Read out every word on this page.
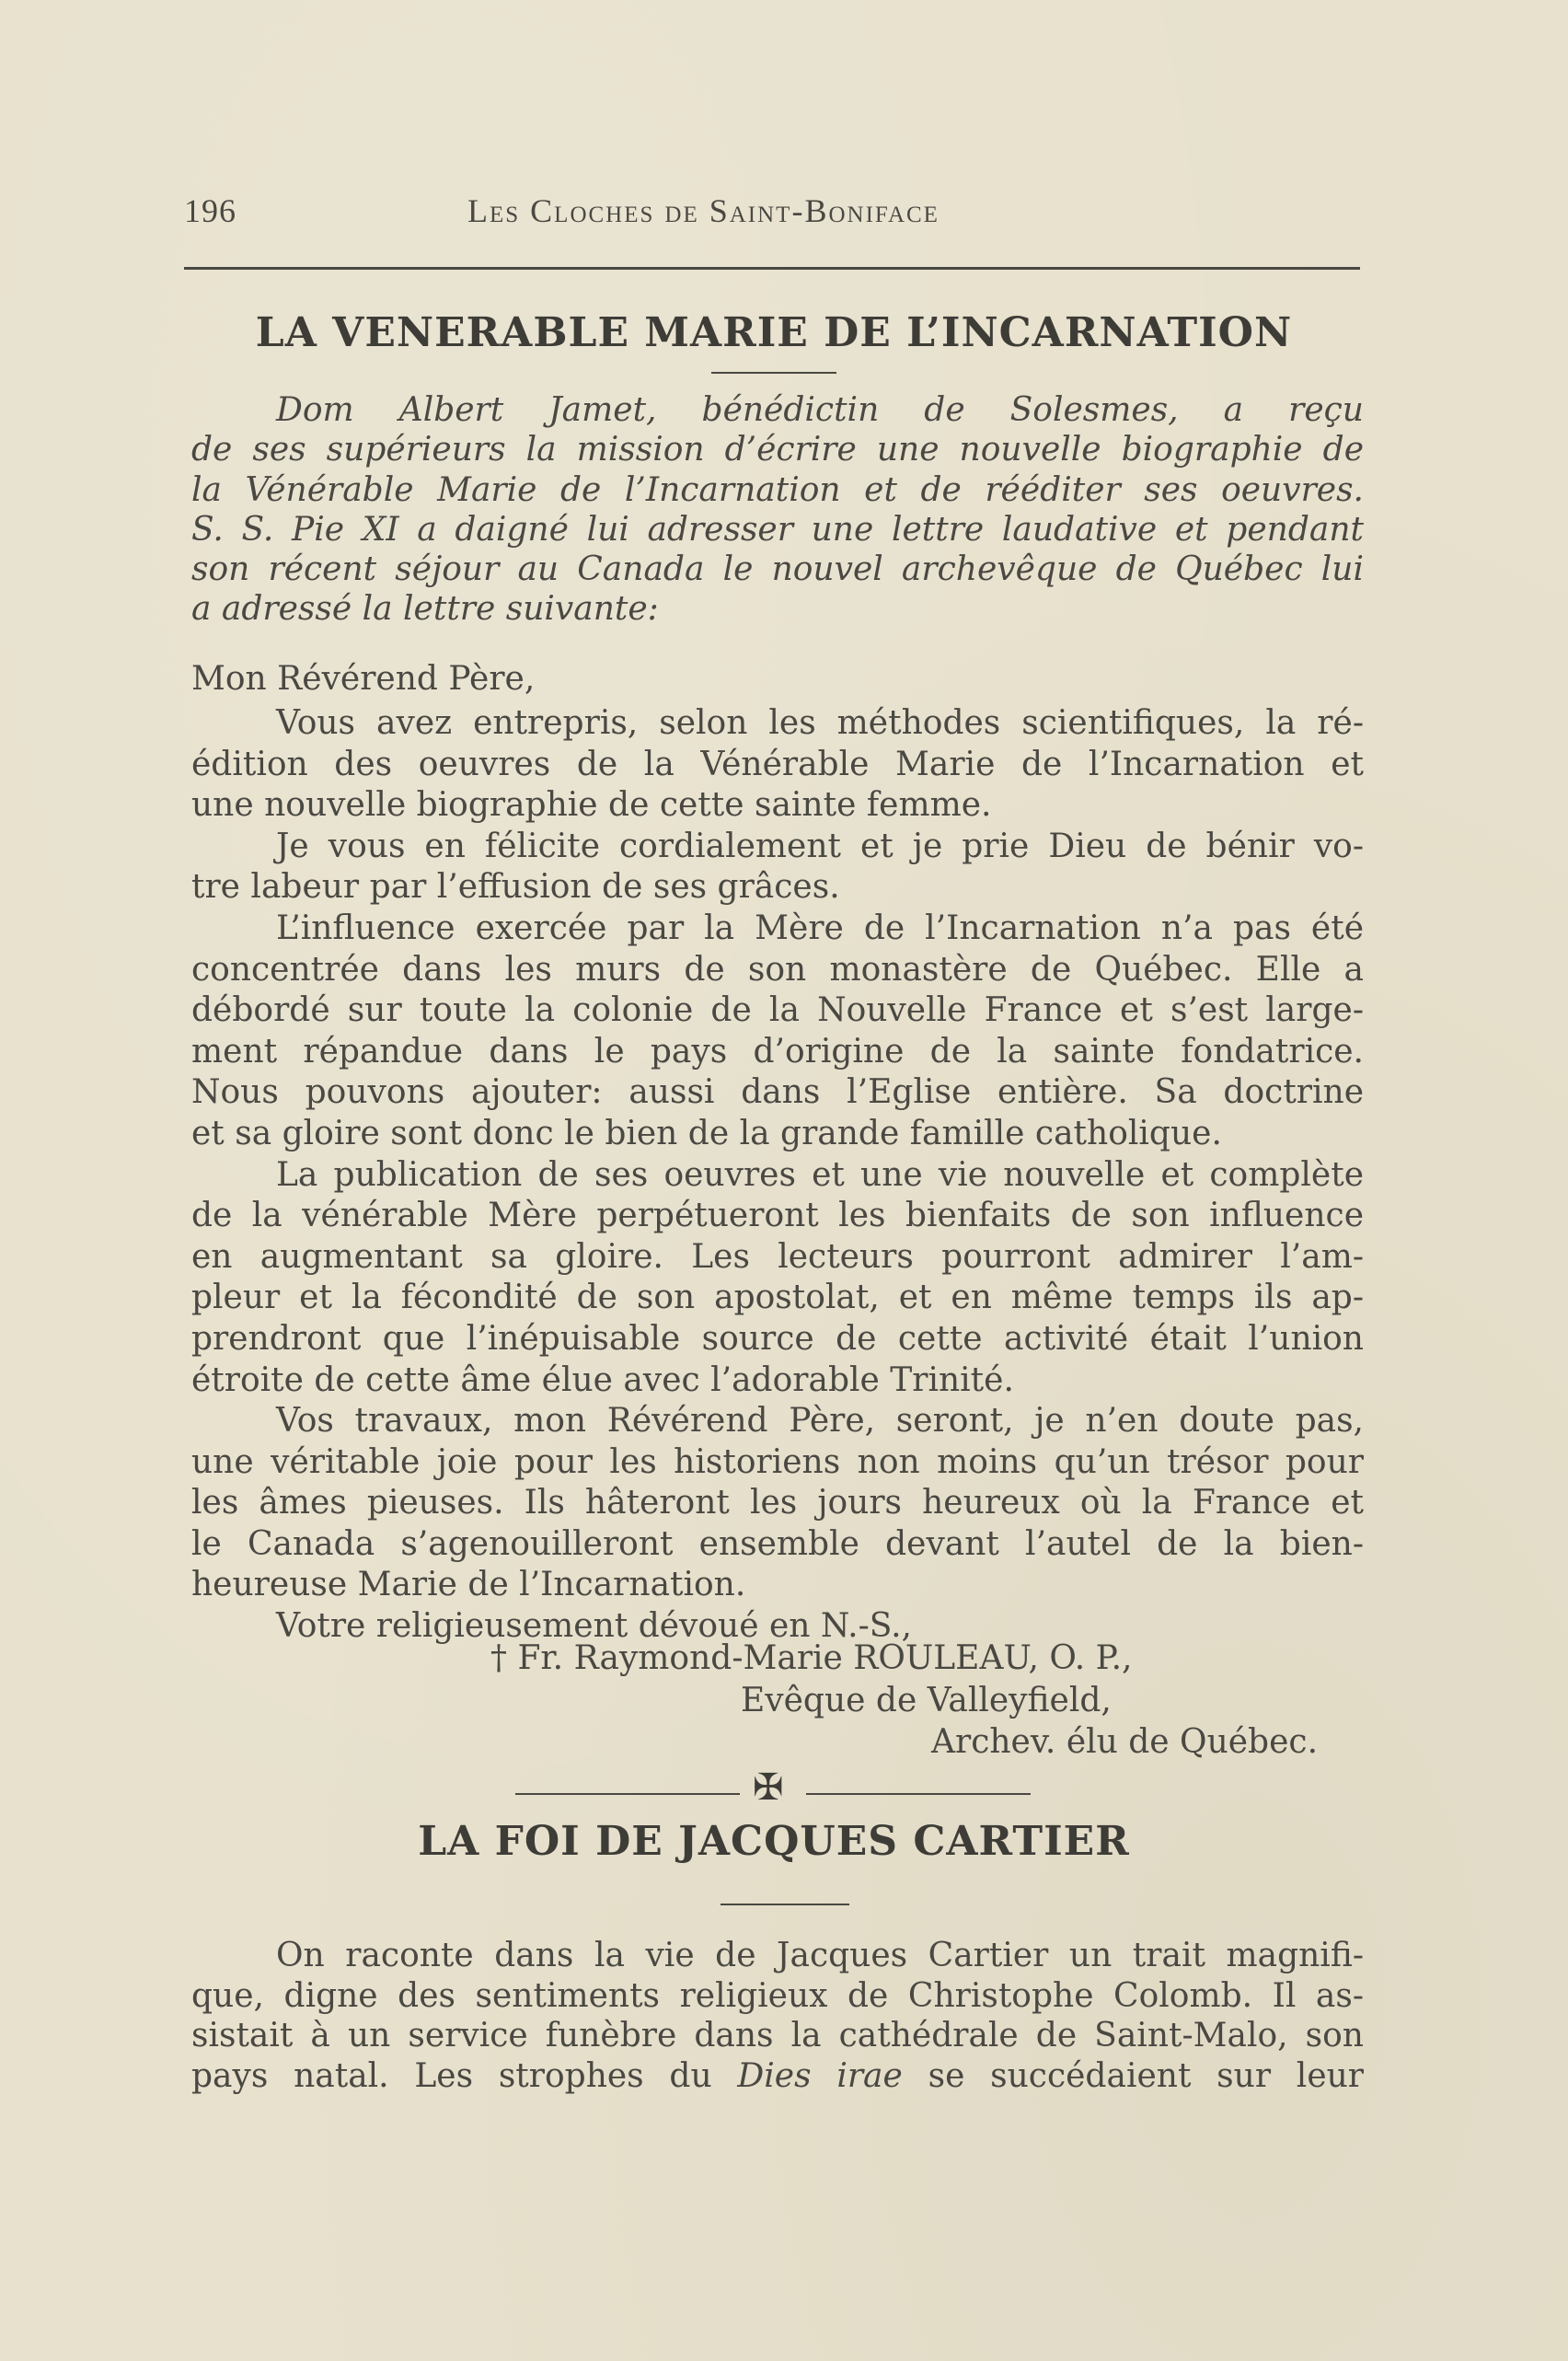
196	Les Cloches de Saint-Boniface
LA VENERABLE MARIE DE L’INCARNATION
Dom Albert Jamet, bénédictin de Solesmes, a reçu
de ses supérieurs la mission d’écrire une nouvelle biographie de
la Vénérable Marie de l’Incarnation et de rééditer ses oeuvres.
S. S. Pie XI a daigné lui adresser une lettre laudative et pendant
son récent séjour au Canada le nouvel archevêque de Québec lui
a adressé la lettre suivante:
Mon Révérend Père,
Vous avez entrepris, selon les méthodes scientifiques, la ré-
édition des oeuvres de la Vénérable Marie de l’Incarnation et
une nouvelle biographie de cette sainte femme.
Je vous en félicite cordialement et je prie Dieu de bénir vo-
tre labeur par l’effusion de ses grâces.
L’influence exercée par la Mère de l’Incarnation n’a pas été
concentrée dans les murs de son monastère de Québec. Elle a
débordé sur toute la colonie de la Nouvelle France et s’est large-
ment répandue dans le pays d’origine de la sainte fondatrice.
Nous pouvons ajouter: aussi dans l’Eglise entière. Sa doctrine
et sa gloire sont donc le bien de la grande famille catholique.
La publication de ses oeuvres et une vie nouvelle et complète
de la vénérable Mère perpétueront les bienfaits de son influence
en augmentant sa gloire. Les lecteurs pourront admirer l’am-
pleur et la fécondité de son apostolat, et en même temps ils ap-
prendront que l’inépuisable source de cette activité était l’union
étroite de cette âme élue avec l’adorable Trinité.
Vos travaux, mon Révérend Père, seront, je n’en doute pas,
une véritable joie pour les historiens non moins qu’un trésor pour
les âmes pieuses. Ils hâteront les jours heureux où la France et
le Canada s’agenouilleront ensemble devant l’autel de la bien-
heureuse Marie de l’Incarnation.
Votre religieusement dévoué en N.-S.,
† Fr. Raymond-Marie ROULEAU, O. P.,
Evêque de Valleyfield,
Archev. élu de Québec.
✠
LA FOI DE JACQUES CARTIER
On raconte dans la vie de Jacques Cartier un trait magnifi-
que, digne des sentiments religieux de Christophe Colomb. Il as-
sistait à un service funèbre dans la cathédrale de Saint-Malo, son
pays natal. Les strophes du Dies irae se succédaient sur leur
